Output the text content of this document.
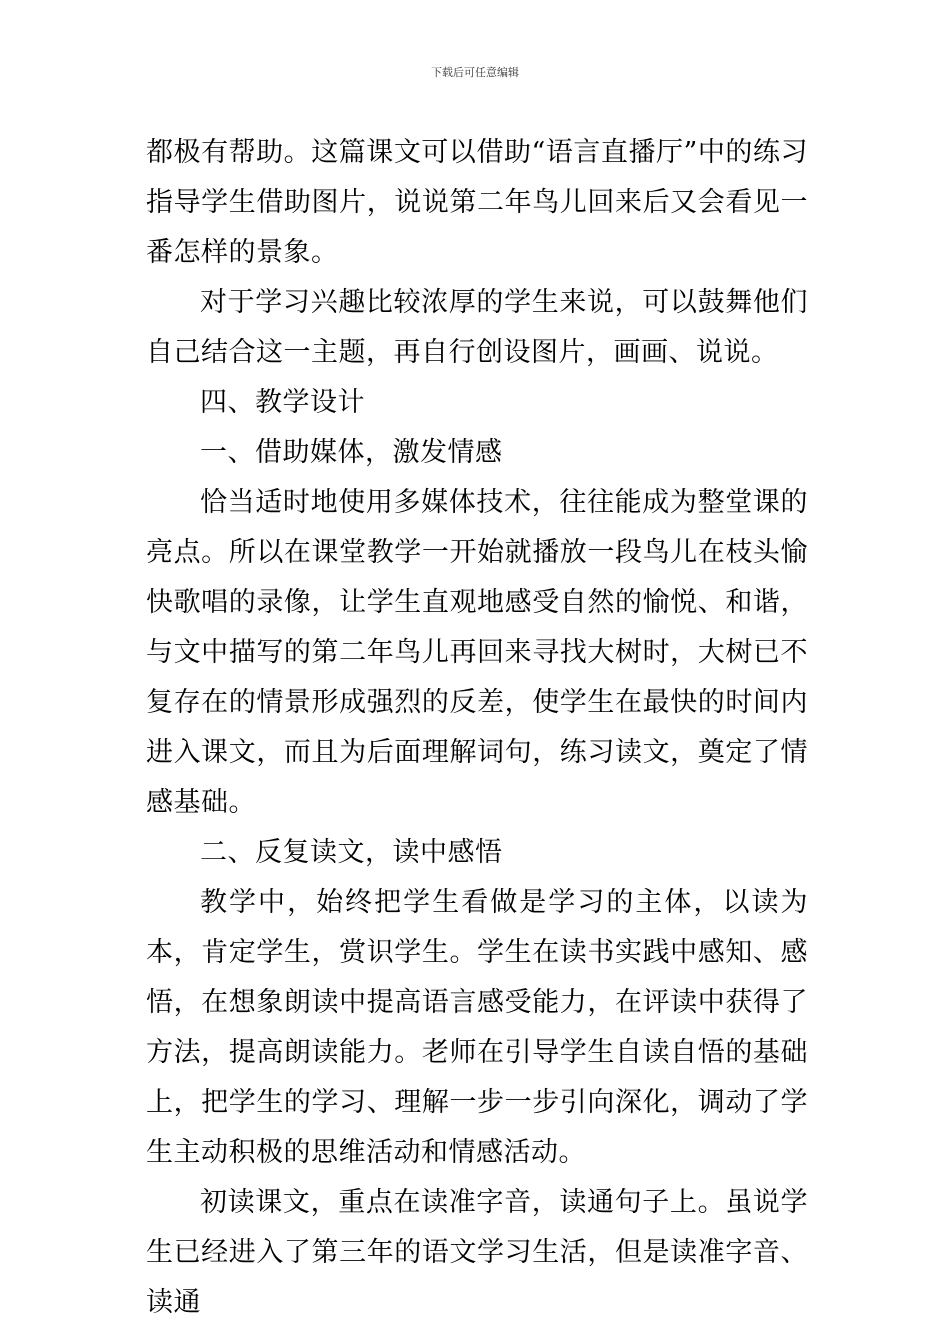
下载后可任意编辑

都极有帮助。这篇课文可以借助“语言直播厅”中的练习指导学生借助图片，说说第二年鸟儿回来后又会看见一番怎样的景象。

对于学习兴趣比较浓厚的学生来说，可以鼓舞他们自己结合这一主题，再自行创设图片，画画、说说。

四、教学设计

一、借助媒体，激发情感

恰当适时地使用多媒体技术，往往能成为整堂课的亮点。所以在课堂教学一开始就播放一段鸟儿在枝头愉快歌唱的录像，让学生直观地感受自然的愉悦、和谐，与文中描写的第二年鸟儿再回来寻找大树时，大树已不复存在的情景形成强烈的反差，使学生在最快的时间内进入课文，而且为后面理解词句，练习读文，奠定了情感基础。

二、反复读文，读中感悟

教学中，始终把学生看做是学习的主体，以读为本，肯定学生，赏识学生。学生在读书实践中感知、感悟，在想象朗读中提高语言感受能力，在评读中获得了方法，提高朗读能力。老师在引导学生自读自悟的基础上，把学生的学习、理解一步一步引向深化，调动了学生主动积极的思维活动和情感活动。

初读课文，重点在读准字音，读通句子上。虽说学生已经进入了第三年的语文学习生活，但是读准字音、读通
